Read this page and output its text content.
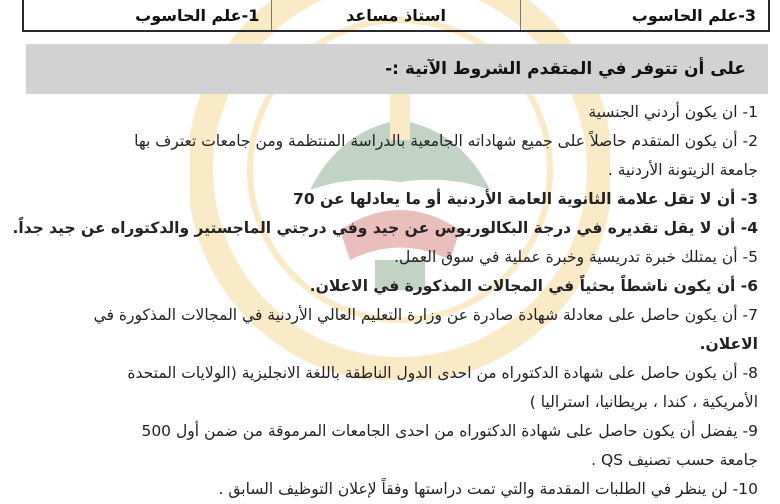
3-علم الحاسوب
استاذ مساعد
1-علم الحاسوب
على أن تتوفر في المتقدم الشروط الآتية :-
1- ان يكون أردني الجنسية
2- أن يكون المتقدم حاصلاً على جميع شهاداته الجامعية بالدراسة المنتظمة ومن جامعات تعترف بها
جامعة الزيتونة الأردنية .
3- أن لا تقل علامة الثانوية العامة الأردنية أو ما يعادلها عن 70
4- أن لا يقل تقديره في درجة البكالوريوس عن جيد وفي درجتي الماجستير والدكتوراه عن جيد جداً.
5- أن يمتلك خبرة تدريسية وخبرة عملية في سوق العمل.
6- أن يكون ناشطاً بحثياً في المجالات المذكورة في الاعلان.
7- أن يكون حاصل على معادلة شهادة صادرة عن وزارة التعليم العالي الأردنية في المجالات المذكورة في
الاعلان.
8- أن يكون حاصل على شهادة الدكتوراه من احدى الدول الناطقة باللغة الانجليزية (الولايات المتحدة
الأمريكية ، كندا ، بريطانيا، استراليا )
9- يفضل أن يكون حاصل على شهادة الدكتوراه من احدى الجامعات المرموقة من ضمن أول 500
جامعة حسب تصنيف QS .
10- لن ينظر في الطلبات المقدمة والتي تمت دراستها وفقاً لإعلان التوظيف السابق .
